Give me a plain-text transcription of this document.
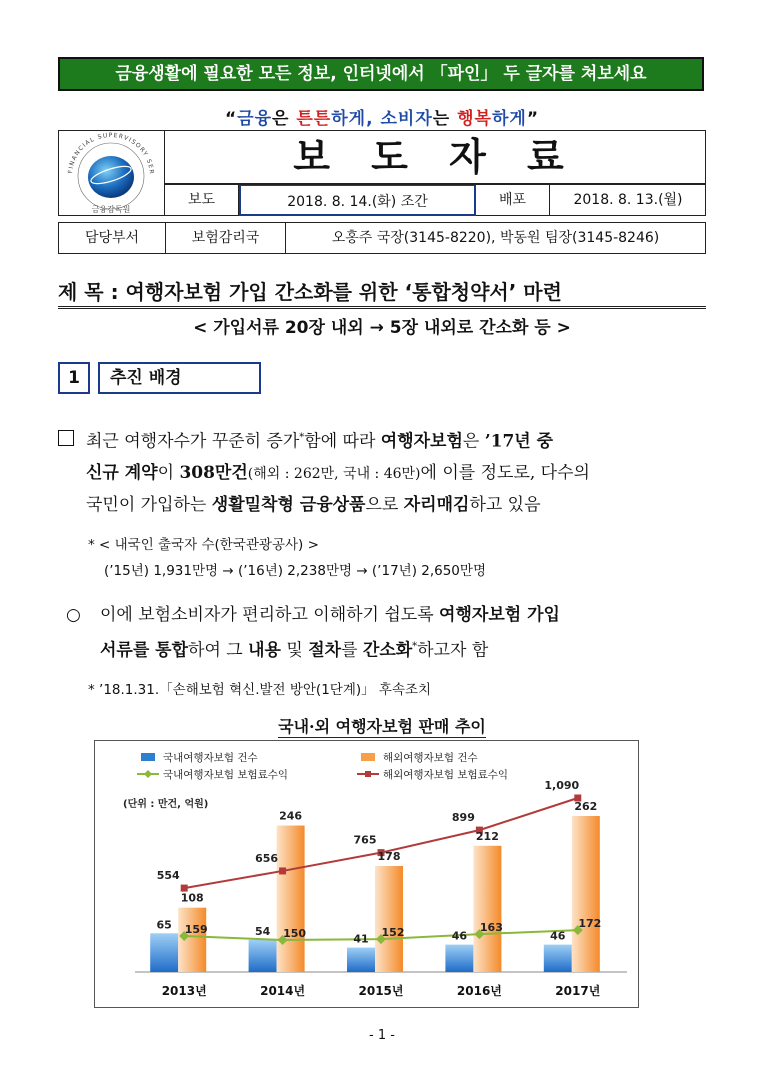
금융생활에 필요한 모든 정보, 인터넷에서 「파인」 두 글자를 쳐보세요
“금융은 튼튼하게, 소비자는 행복하게”
FINANCIAL SUPERVISORY SER
금융감독원
보 도 자 료
보도	2018. 8. 14.(화) 조간	배포	2018. 8. 13.(월)
담당부서	보험감리국	오홍주 국장(3145-8220), 박동원 팀장(3145-8246)
제 목 : 여행자보험 가입 간소화를 위한 ‘통합청약서’ 마련
< 가입서류 20장 내외 → 5장 내외로 간소화 등 >
1	추진 배경
최근 여행자수가 꾸준히 증가*함에 따라 여행자보험은 ’17년 중
신규 계약이 308만건(해외 : 262만, 국내 : 46만)에 이를 정도로, 다수의
국민이 가입하는 생활밀착형 금융상품으로 자리매김하고 있음
* < 내국인 출국자 수(한국관광공사) >
(’15년) 1,931만명 → (’16년) 2,238만명 → (’17년) 2,650만명
○ 이에 보험소비자가 편리하고 이해하기 쉽도록 여행자보험 가입
서류를 통합하여 그 내용 및 절차를 간소화*하고자 함
* ’18.1.31.「손해보험 혁신.발전 방안(1단계)」 후속조치
국내·외 여행자보험 판매 추이
국내여행자보험 건수	해외여행자보험 건수
국내여행자보험 보험료수익	해외여행자보험 보험료수익
(단위 : 만건, 억원)
65
108
54
246
41
178
46
212
46
262
159	150	152	163	172
554
656
765
899
1,090
2013년	2014년	2015년	2016년	2017년
- 1 -
